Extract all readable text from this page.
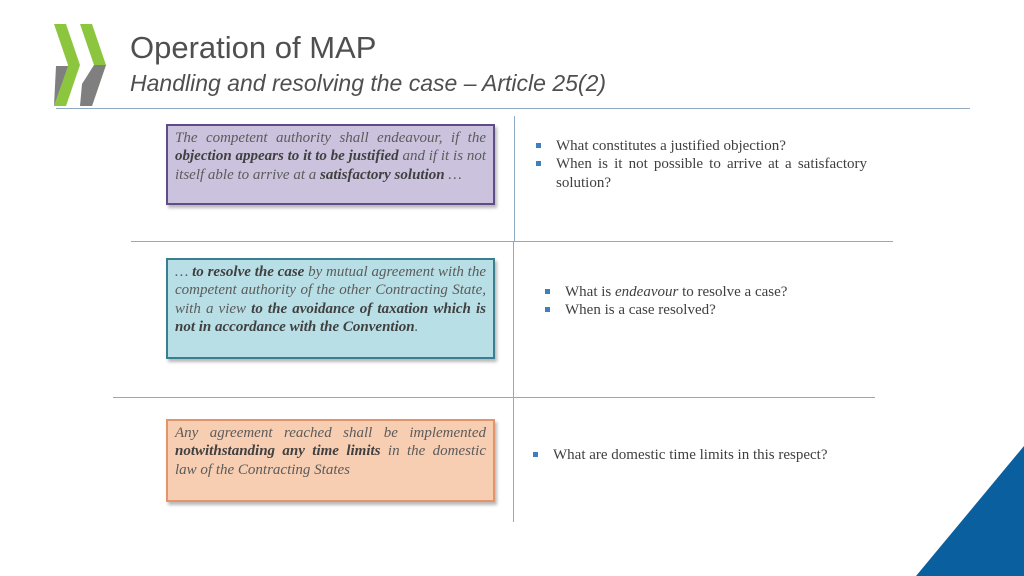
Operation of MAP
Handling and resolving the case – Article 25(2)
The competent authority shall endeavour, if the objection appears to it to be justified and if it is not itself able to arrive at a satisfactory solution …
What constitutes a justified objection?
When is it not possible to arrive at a satisfactory solution?
… to resolve the case by mutual agreement with the competent authority of the other Contracting State, with a view to the avoidance of taxation which is not in accordance with the Convention.
What is endeavour to resolve a case?
When is a case resolved?
Any agreement reached shall be implemented notwithstanding any time limits in the domestic law of the Contracting States
What are domestic time limits in this respect?
